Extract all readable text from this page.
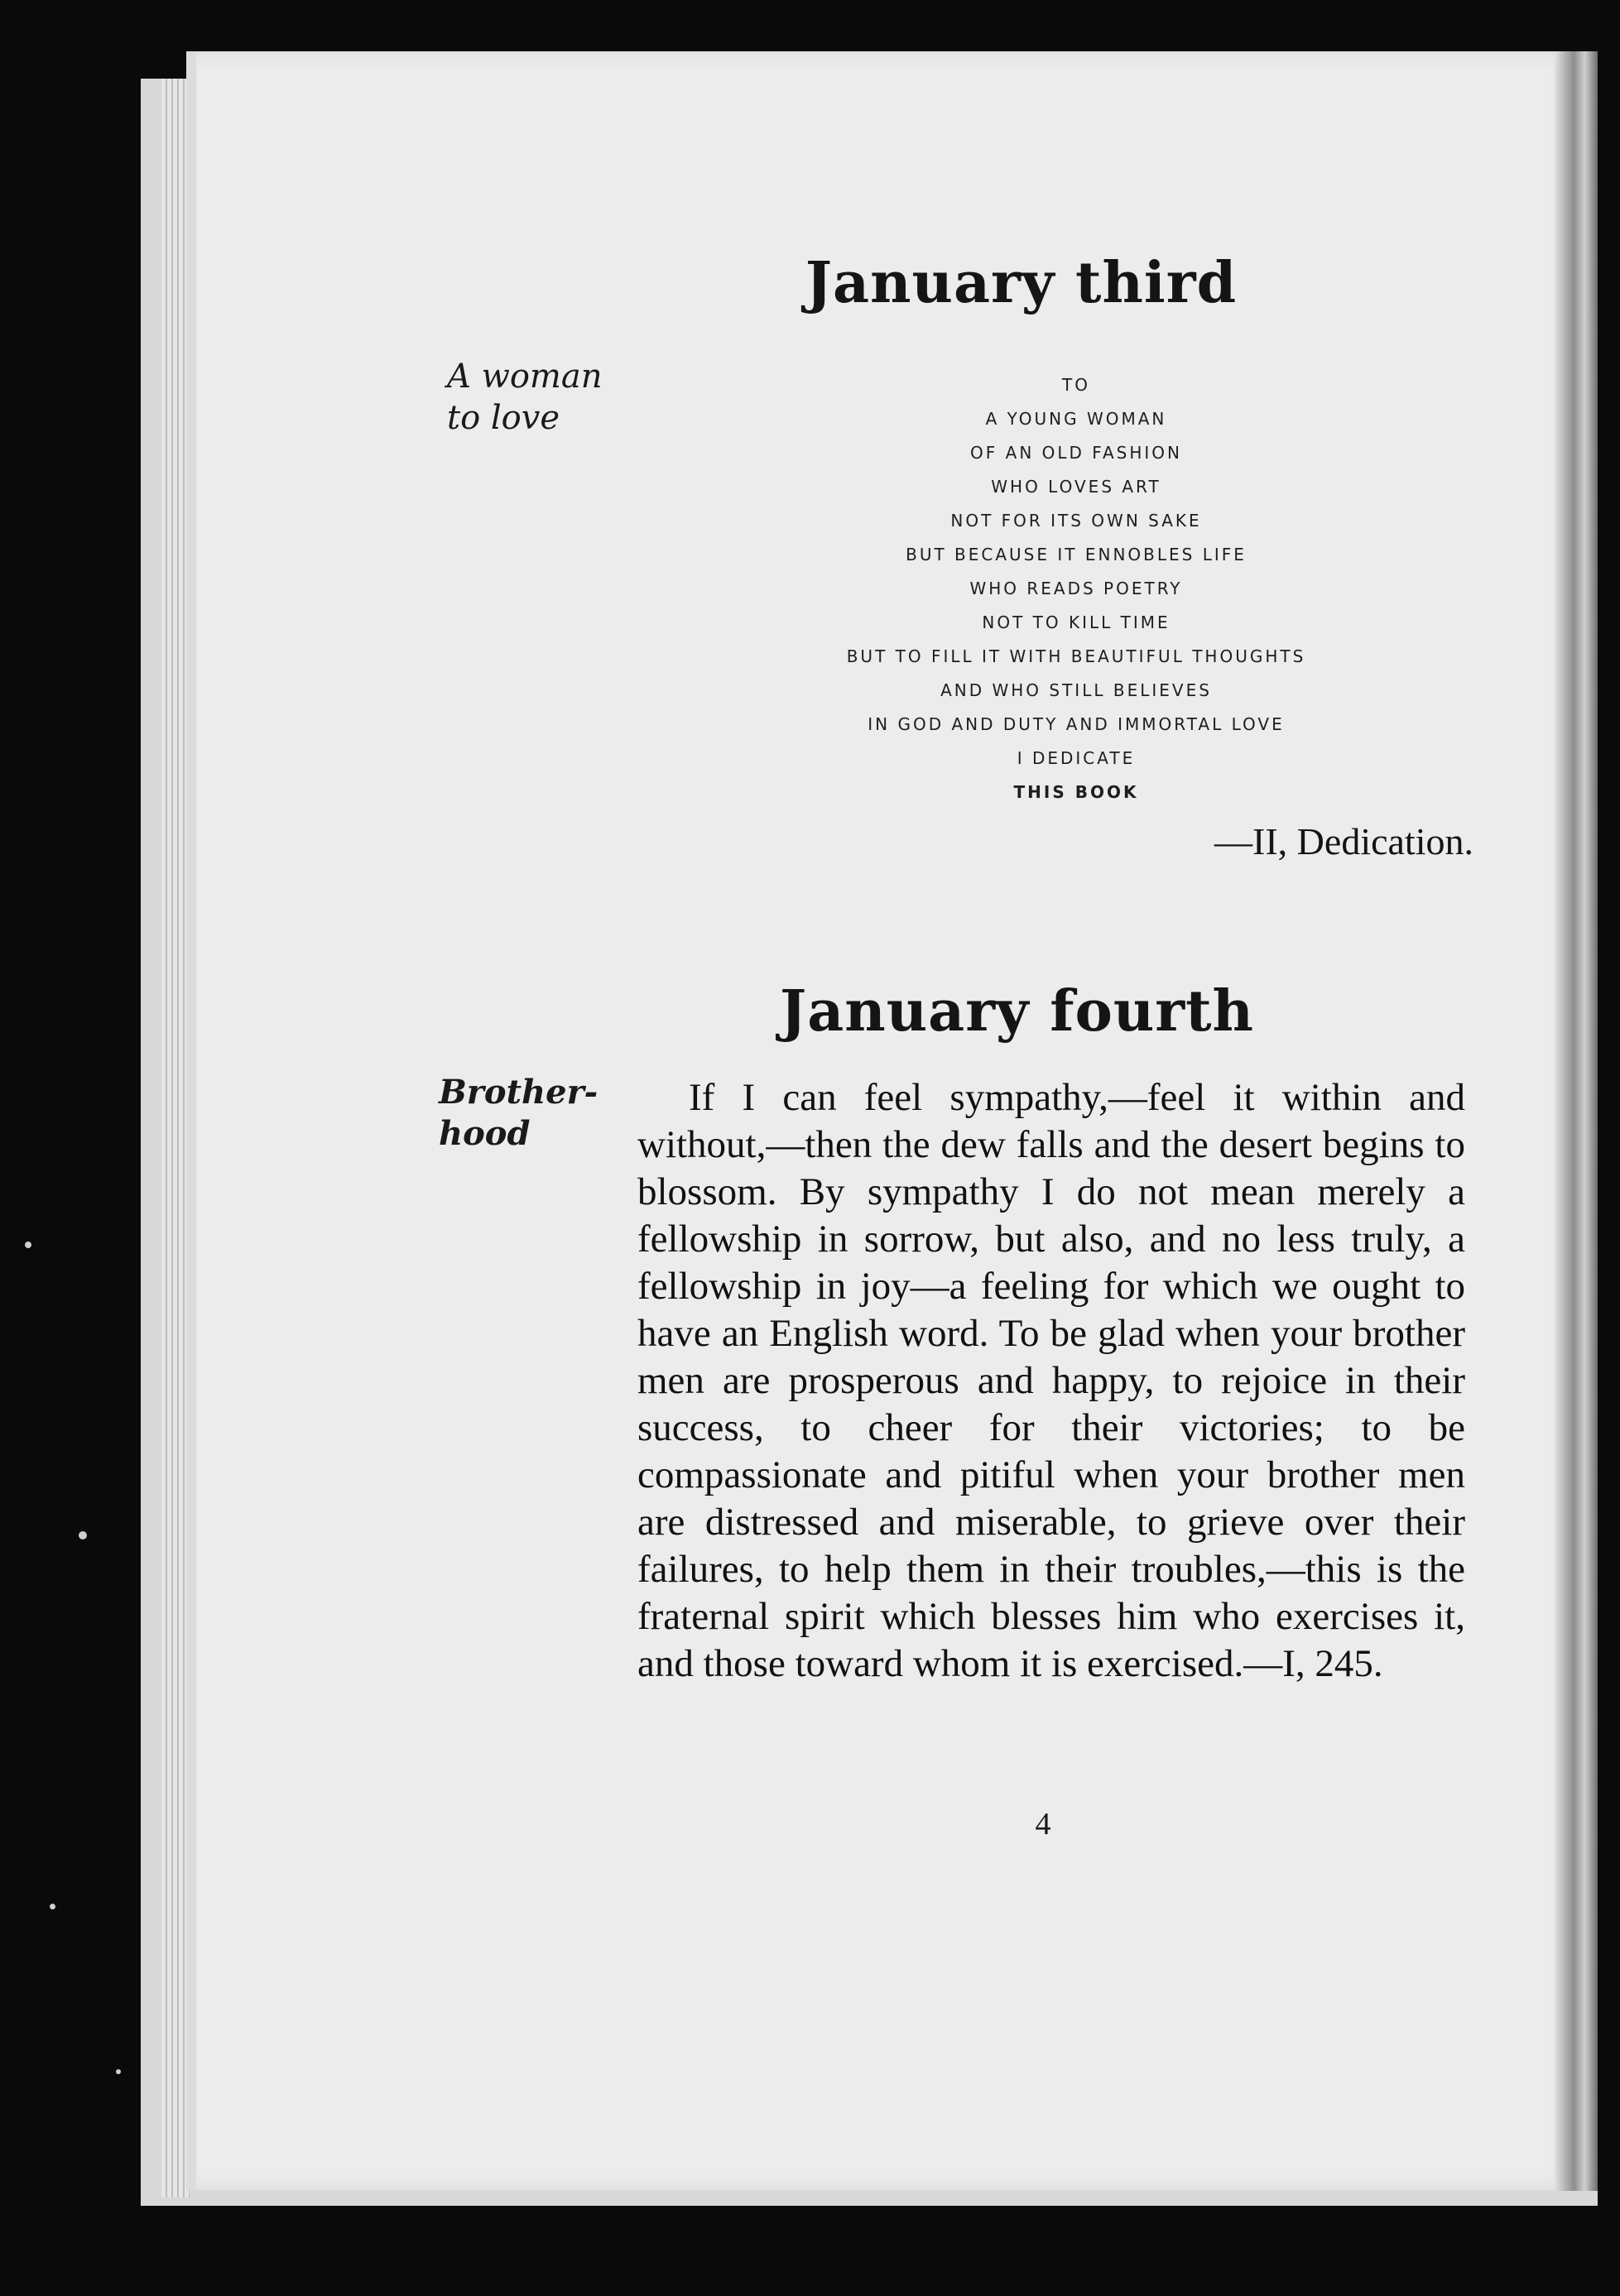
January third
A woman to love
TO
A YOUNG WOMAN
OF AN OLD FASHION
WHO LOVES ART
NOT FOR ITS OWN SAKE
BUT BECAUSE IT ENNOBLES LIFE
WHO READS POETRY
NOT TO KILL TIME
BUT TO FILL IT WITH BEAUTIFUL THOUGHTS
AND WHO STILL BELIEVES
IN GOD AND DUTY AND IMMORTAL LOVE
I DEDICATE
THIS BOOK
—II, Dedication.
January fourth
Brother-hood

If I can feel sympathy,—feel it within and without,—then the dew falls and the desert begins to blossom. By sympathy I do not mean merely a fellowship in sorrow, but also, and no less truly, a fellowship in joy—a feeling for which we ought to have an English word. To be glad when your brother men are prosperous and happy, to rejoice in their success, to cheer for their victories; to be compassionate and pitiful when your brother men are distressed and miserable, to grieve over their failures, to help them in their troubles,—this is the fraternal spirit which blesses him who exercises it, and those toward whom it is exercised.—I, 245.

4
